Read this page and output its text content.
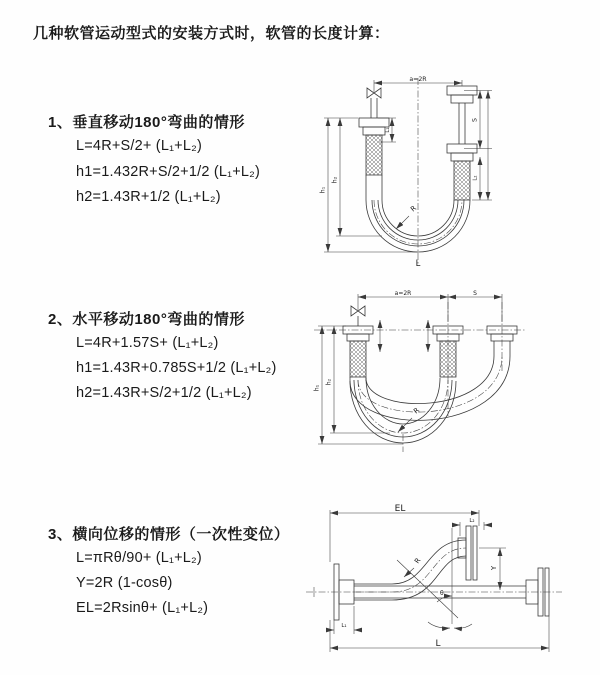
几种软管运动型式的安装方式时，软管的长度计算：
1、垂直移动180°弯曲的情形
L=4R+S/2+ (L₁+L₂)
h1=1.432R+S/2+1/2 (L₁+L₂)
h2=1.43R+1/2 (L₁+L₂)
2、水平移动180°弯曲的情形
L=4R+1.57S+ (L₁+L₂)
h1=1.43R+0.785S+1/2 (L₁+L₂)
h2=1.43R+S/2+1/2 (L₁+L₂)
3、横向位移的情形（一次性变位）
L=πRθ/90+ (L₁+L₂)
Y=2R (1-cosθ)
EL=2Rsinθ+ (L₁+L₂)
a=2R
h₁
h₂
L₁
S
L₂
R
L
a=2R	S
h₁
h₂
R
EL
L₂
Y
θ
R
L
L₁
